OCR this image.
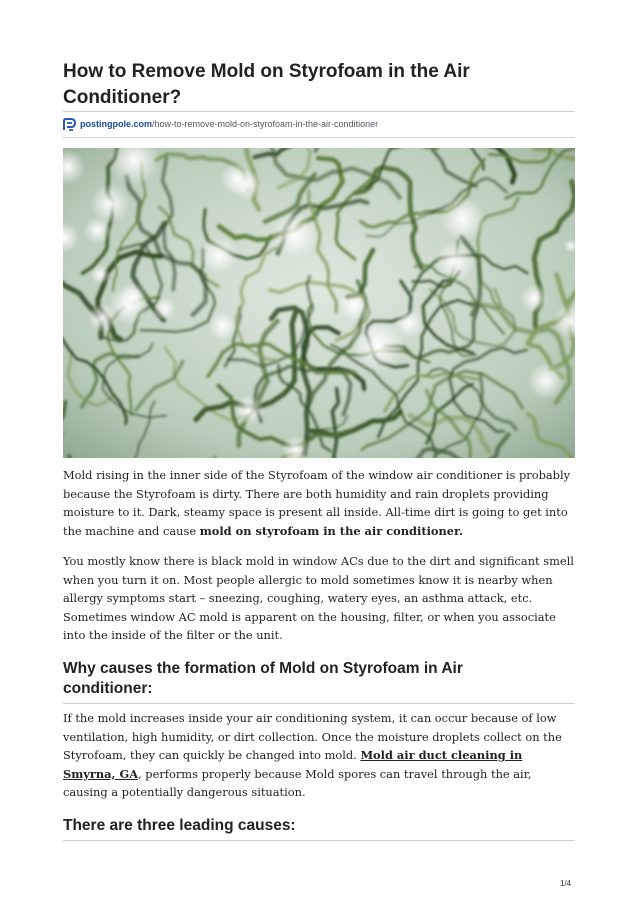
How to Remove Mold on Styrofoam in the Air Conditioner?
postingpole.com /how-to-remove-mold-on-styrofoam-in-the-air-conditioner

Mold rising in the inner side of the Styrofoam of the window air conditioner is probably because the Styrofoam is dirty. There are both humidity and rain droplets providing moisture to it. Dark, steamy space is present all inside. All-time dirt is going to get into the machine and cause mold on styrofoam in the air conditioner.

You mostly know there is black mold in window ACs due to the dirt and significant smell when you turn it on. Most people allergic to mold sometimes know it is nearby when allergy symptoms start – sneezing, coughing, watery eyes, an asthma attack, etc. Sometimes window AC mold is apparent on the housing, filter, or when you associate into the inside of the filter or the unit.

Why causes the formation of Mold on Styrofoam in Air conditioner:

If the mold increases inside your air conditioning system, it can occur because of low ventilation, high humidity, or dirt collection. Once the moisture droplets collect on the Styrofoam, they can quickly be changed into mold. Mold air duct cleaning in Smyrna, GA, performs properly because Mold spores can travel through the air, causing a potentially dangerous situation.

There are three leading causes:
1/4
